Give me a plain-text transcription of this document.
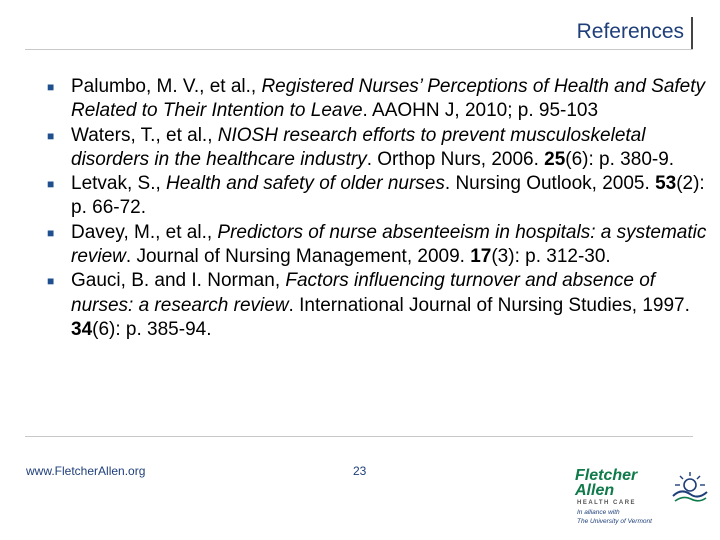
References
■ Palumbo, M. V., et al., Registered Nurses’ Perceptions of Health and Safety Related to Their Intention to Leave. AAOHN J, 2010; p. 95-103
■ Waters, T., et al., NIOSH research efforts to prevent musculoskeletal disorders in the healthcare industry. Orthop Nurs, 2006. 25(6): p. 380-9.
■ Letvak, S., Health and safety of older nurses. Nursing Outlook, 2005. 53(2): p. 66-72.
■ Davey, M., et al., Predictors of nurse absenteeism in hospitals: a systematic review. Journal of Nursing Management, 2009. 17(3): p. 312-30.
■ Gauci, B. and I. Norman, Factors influencing turnover and absence of nurses: a research review. International Journal of Nursing Studies, 1997. 34(6): p. 385-94.
www.FletcherAllen.org	23	Fletcher
Allen
HEALTH CARE
In alliance with
The University of Vermont
